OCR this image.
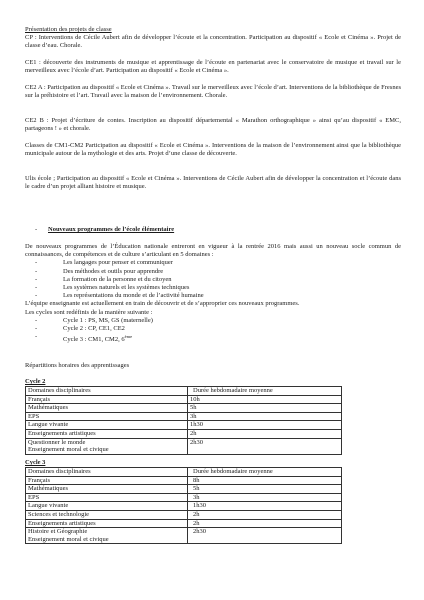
Présentation des projets de classe

CP : Interventions de Cécile Aubert afin de développer l’écoute et la concentration. Participation au dispositif « Ecole et Cinéma ». Projet de classe d’eau. Chorale.

CE1 : découverte des instruments de musique et apprentissage de l’écoute en partenariat avec le conservatoire de musique et travail sur le merveilleux avec l’école d’art. Participation au dispositif « Ecole et Cinéma ».

CE2 A : Participation au dispositif « Ecole et Cinéma ». Travail sur le merveilleux avec l’école d’art. Interventions de la bibliothèque de Fresnes sur la préhistoire et l’art. Travail avec la maison de l’environnement. Chorale.

CE2 B : Projet d’écriture de contes. Inscription au dispositif départemental « Marathon orthographique » ainsi qu’au dispositif « EMC, partageons ! » et chorale.

Classes de CM1-CM2 Participation au dispositif « Ecole et Cinéma ». Interventions de la maison de l’environnement ainsi que la bibliothèque municipale autour de la mythologie et des arts. Projet d’une classe de découverte.

Ulis école ; Participation au dispositif « Ecole et Cinéma ». Interventions de Cécile Aubert afin de développer la concentration et l’écoute dans le cadre d’un projet alliant histoire et musique.

- Nouveaux programmes de l’école élémentaire
De nouveaux programmes de l’Éducation nationale entreront en vigueur à la rentrée 2016 mais aussi un nouveau socle commun de connaissances, de compétences et de culture s’articulant en 5 domaines :
- Les langages pour penser et communiquer
- Des méthodes et outils pour apprendre
- La formation de la personne et du citoyen
- Les systèmes naturels et les systèmes techniques
- Les représentations du monde et de l’activité humaine
L’équipe enseignante est actuellement en train de découvrir et de s’approprier ces nouveaux programmes.
Les cycles sont redéfinis de la manière suivante :
- Cycle 1 : PS, MS, GS (maternelle)
- Cycle 2 : CP, CE1, CE2
- Cycle 3 : CM1, CM2, 6ème
Répartitions horaires des apprentissages
Cycle 2
Domaines disciplinaires	Durée hebdomadaire moyenne
Français	10h
Mathématiques	5h
EPS	3h
Langue vivante	1h30
Enseignements artistiques	2h

Questionner le monde
Enseignement moral et civique	2h30
Cycle 3
Domaines disciplinaires	Durée hebdomadaire moyenne
Français	8h
Mathématiques	5h
EPS	3h
Langue vivante	1h30
Sciences et technologie	2h
Enseignements artistiques	2h

Histoire et Géographie
Enseignement moral et civique	2h30
